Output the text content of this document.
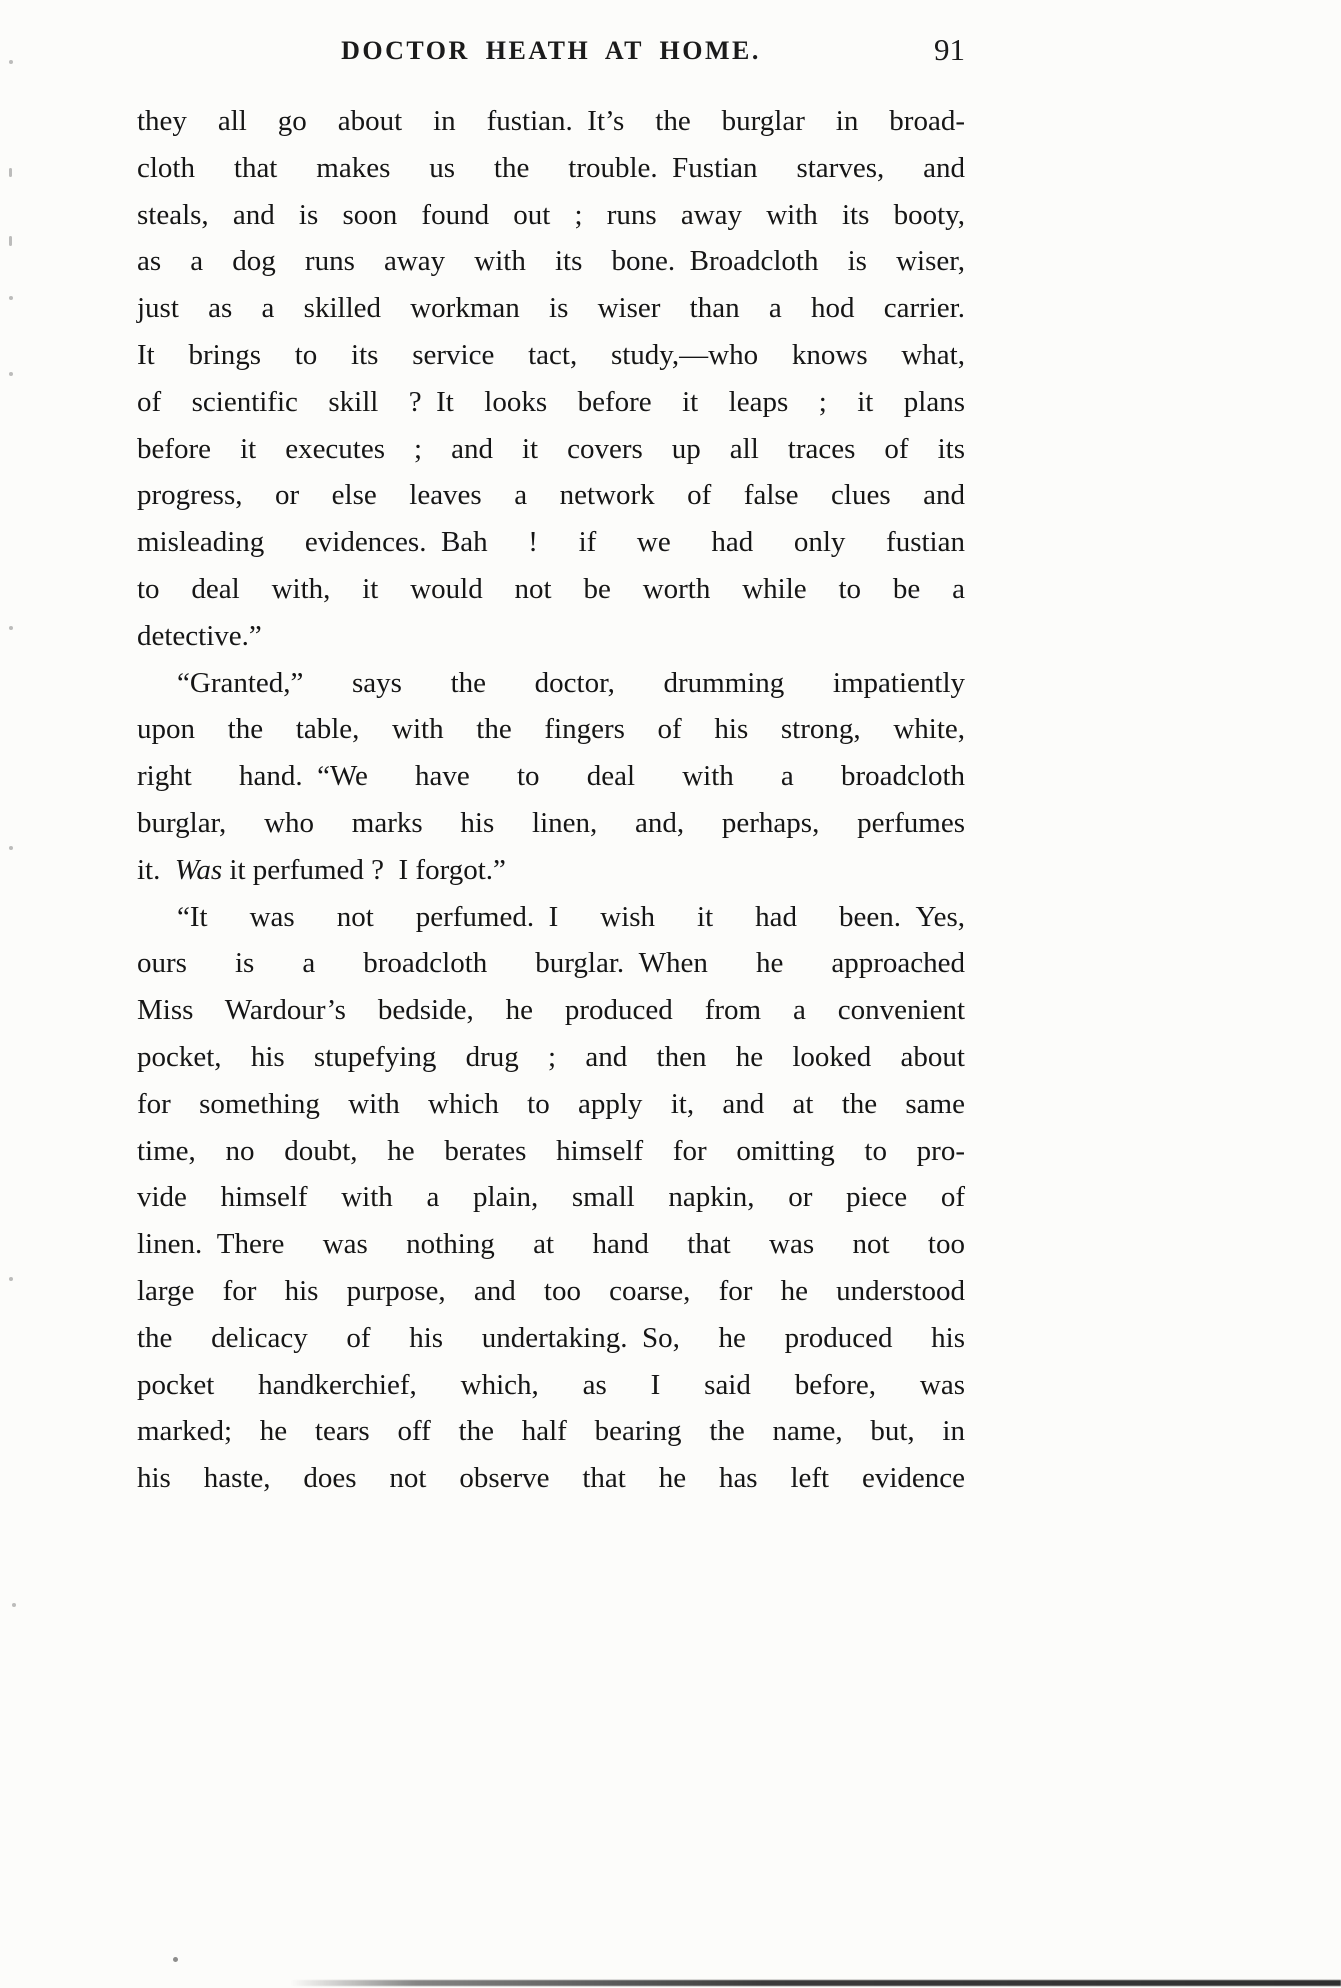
DOCTOR HEATH AT HOME.	91
they all go about in fustian. It’s the burglar in broad-
cloth that makes us the trouble. Fustian starves, and
steals, and is soon found out ; runs away with its booty,
as a dog runs away with its bone. Broadcloth is wiser,
just as a skilled workman is wiser than a hod carrier.
It brings to its service tact, study,—who knows what,
of scientific skill ? It looks before it leaps ; it plans
before it executes ; and it covers up all traces of its
progress, or else leaves a network of false clues and
misleading evidences. Bah ! if we had only fustian
to deal with, it would not be worth while to be a
detective.”
“Granted,” says the doctor, drumming impatiently
upon the table, with the fingers of his strong, white,
right hand. “We have to deal with a broadcloth
burglar, who marks his linen, and, perhaps, perfumes
it. Was it perfumed ? I forgot.”
“It was not perfumed. I wish it had been. Yes,
ours is a broadcloth burglar. When he approached
Miss Wardour’s bedside, he produced from a convenient
pocket, his stupefying drug ; and then he looked about
for something with which to apply it, and at the same
time, no doubt, he berates himself for omitting to pro-
vide himself with a plain, small napkin, or piece of
linen. There was nothing at hand that was not too
large for his purpose, and too coarse, for he understood
the delicacy of his undertaking. So, he produced his
pocket handkerchief, which, as I said before, was
marked; he tears off the half bearing the name, but, in
his haste, does not observe that he has left evidence
